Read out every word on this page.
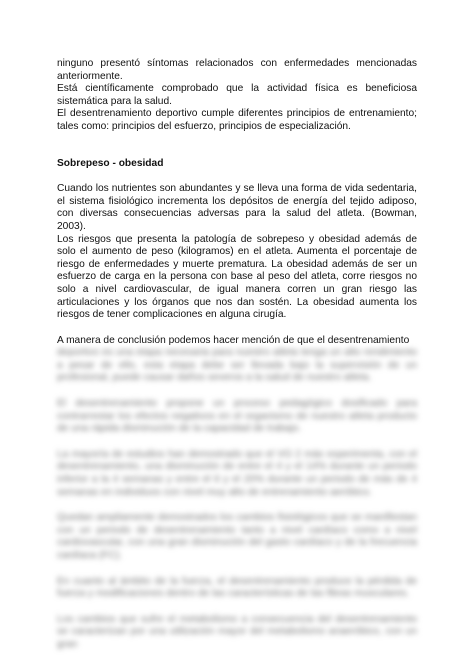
ninguno presentó síntomas relacionados con enfermedades mencionadas anteriormente.

Está científicamente comprobado que la actividad física es beneficiosa sistemática para la salud.

El desentrenamiento deportivo cumple diferentes principios de entrenamiento; tales como: principios del esfuerzo, principios de especialización.

Sobrepeso - obesidad

Cuando los nutrientes son abundantes y se lleva una forma de vida sedentaria, el sistema fisiológico incrementa los depósitos de energía del tejido adiposo, con diversas consecuencias adversas para la salud del atleta. (Bowman, 2003).

Los riesgos que presenta la patología de sobrepeso y obesidad además de solo el aumento de peso (kilogramos) en el atleta. Aumenta el porcentaje de riesgo de enfermedades y muerte prematura. La obesidad además de ser un esfuerzo de carga en la persona con base al peso del atleta, corre riesgos no solo a nivel cardiovascular, de igual manera corren un gran riesgo las articulaciones y los órganos que nos dan sostén. La obesidad aumenta los riesgos de tener complicaciones en alguna cirugía.

A manera de conclusión podemos hacer mención de que el desentrenamiento

deportivo es una etapa necesaria para nuestro atleta tenga un alto rendimiento a pesar de ello, esta etapa debe ser llevada bajo la supervisión de un profesional, puede causar daños severos a la salud de nuestro atleta.

El desentrenamiento propone un proceso pedagógico dosificado para contrarrestar los efectos negativos en el organismo de nuestro atleta producto de una rápida disminución de la capacidad de trabajo.

La mayoría de estudios han demostrado que el VO 2 máx experimenta, con el desentrenamiento, una disminución de entre el 4 y el 14% durante un periodo inferior a la 4 semanas y entre el 6 y el 20% durante un periodo de más de 4 semanas en individuos con nivel muy alto de entrenamiento aeróbico.

Quedan ampliamente demostrados los cambios fisiológicos que se manifiestan con un periodo de desentrenamiento tanto a nivel cardíaco como a nivel cardiovascular, con una gran disminución del gasto cardíaco y de la frecuencia cardíaca (FC).

En cuanto al ámbito de la fuerza, el desentrenamiento produce la pérdida de fuerza y modificaciones dentro de las características de las fibras musculares.

Los cambios que sufre el metabolismo a consecuencia del desentrenamiento se caracterizan por una utilización mayor del metabolismo anaeróbico, con un gran
